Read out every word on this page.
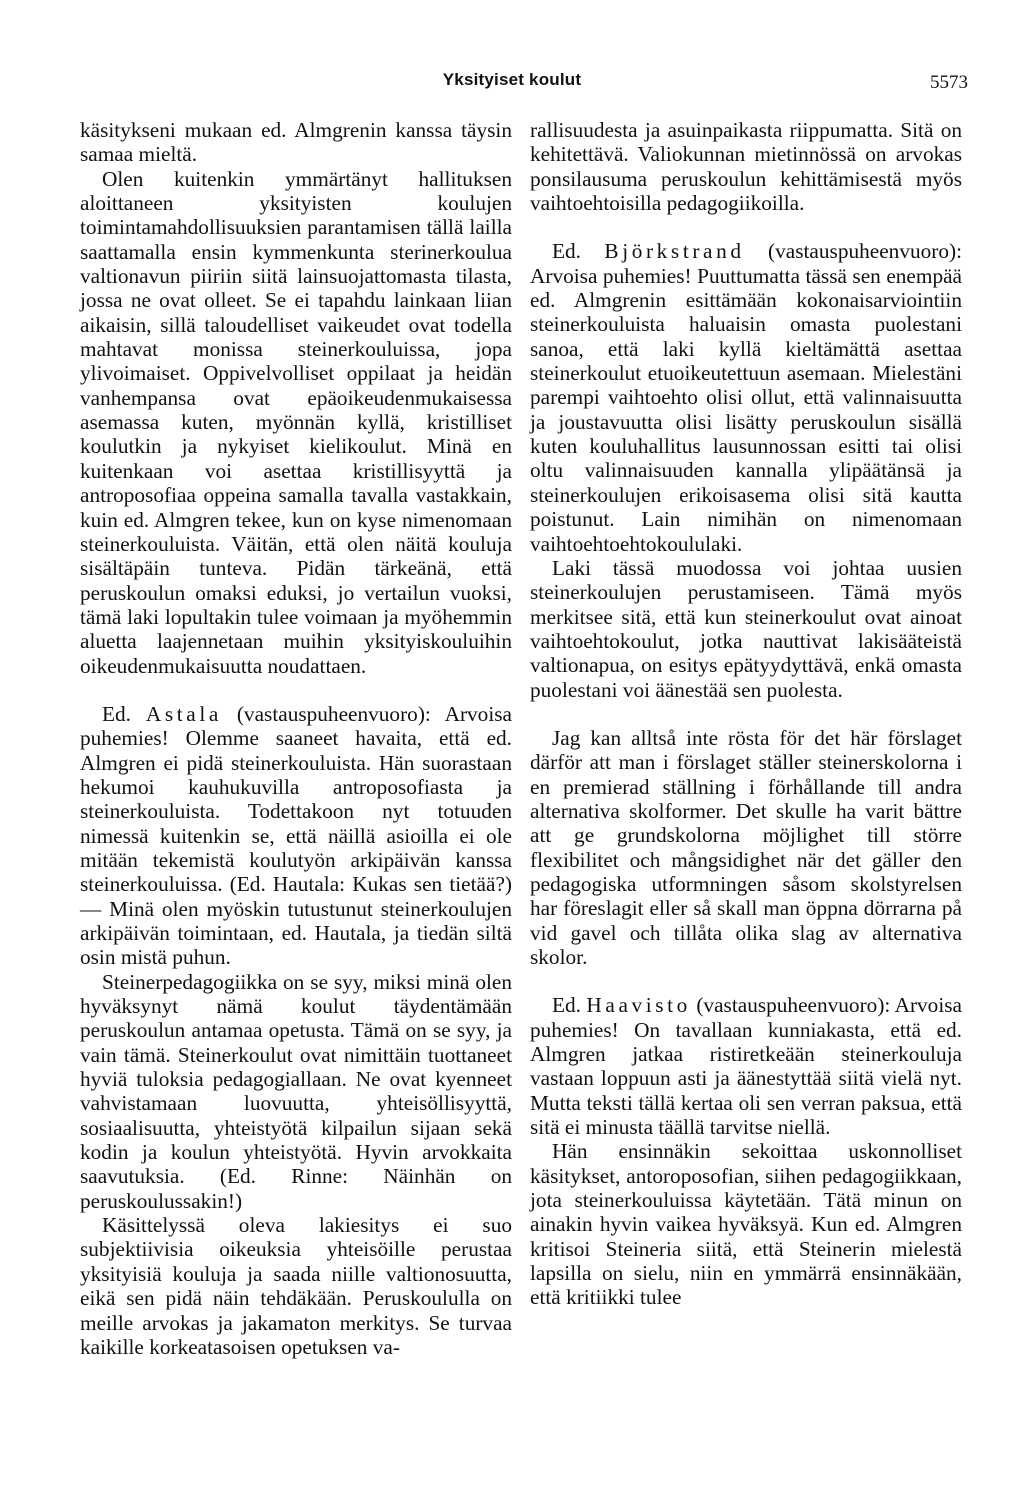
Yksityiset koulut	5573

käsitykseni mukaan ed. Almgrenin kanssa täysin samaa mieltä.

Olen kuitenkin ymmärtänyt hallituksen aloittaneen yksityisten koulujen toimintamahdollisuuksien parantamisen tällä lailla saattamalla ensin kymmenkunta sterinerkoulua valtionavun piiriin siitä lainsuojattomasta tilasta, jossa ne ovat olleet. Se ei tapahdu lainkaan liian aikaisin, sillä taloudelliset vaikeudet ovat todella mahtavat monissa steinerkouluissa, jopa ylivoimaiset. Oppivelvolliset oppilaat ja heidän vanhempansa ovat epäoikeudenmukaisessa asemassa kuten, myönnän kyllä, kristilliset koulutkin ja nykyiset kielikoulut. Minä en kuitenkaan voi asettaa kristillisyyttä ja antroposofiaa oppeina samalla tavalla vastakkain, kuin ed. Almgren tekee, kun on kyse nimenomaan steinerkouluista. Väitän, että olen näitä kouluja sisältäpäin tunteva. Pidän tärkeänä, että peruskoulun omaksi eduksi, jo vertailun vuoksi, tämä laki lopultakin tulee voimaan ja myöhemmin aluetta laajennetaan muihin yksityiskouluihin oikeudenmukaisuutta noudattaen.

Ed. Astala (vastauspuheenvuoro): Arvoisa puhemies! Olemme saaneet havaita, että ed. Almgren ei pidä steinerkouluista. Hän suorastaan hekumoi kauhukuvilla antroposofiasta ja steinerkouluista. Todettakoon nyt totuuden nimessä kuitenkin se, että näillä asioilla ei ole mitään tekemistä koulutyön arkipäivän kanssa steinerkouluissa. (Ed. Hautala: Kukas sen tietää?) — Minä olen myöskin tutustunut steinerkoulujen arkipäivän toimintaan, ed. Hautala, ja tiedän siltä osin mistä puhun.

Steinerpedagogiikka on se syy, miksi minä olen hyväksynyt nämä koulut täydentämään peruskoulun antamaa opetusta. Tämä on se syy, ja vain tämä. Steinerkoulut ovat nimittäin tuottaneet hyviä tuloksia pedagogiallaan. Ne ovat kyenneet vahvistamaan luovuutta, yhteisöllisyyttä, sosiaalisuutta, yhteistyötä kilpailun sijaan sekä kodin ja koulun yhteistyötä. Hyvin arvokkaita saavutuksia. (Ed. Rinne: Näinhän on peruskoulussakin!)

Käsittelyssä oleva lakiesitys ei suo subjektiivisia oikeuksia yhteisöille perustaa yksityisiä kouluja ja saada niille valtionosuutta, eikä sen pidä näin tehdäkään. Peruskoululla on meille arvokas ja jakamaton merkitys. Se turvaa kaikille korkeatasoisen opetuksen va-

rallisuudesta ja asuinpaikasta riippumatta. Sitä on kehitettävä. Valiokunnan mietinnössä on arvokas ponsilausuma peruskoulun kehittämisestä myös vaihtoehtoisilla pedagogiikoilla.

Ed. Björkstrand (vastauspuheenvuoro): Arvoisa puhemies! Puuttumatta tässä sen enempää ed. Almgrenin esittämään kokonaisarviointiin steinerkouluista haluaisin omasta puolestani sanoa, että laki kyllä kieltämättä asettaa steinerkoulut etuoikeutettuun asemaan. Mielestäni parempi vaihtoehto olisi ollut, että valinnaisuutta ja joustavuutta olisi lisätty peruskoulun sisällä kuten kouluhallitus lausunnossan esitti tai olisi oltu valinnaisuuden kannalla ylipäätänsä ja steinerkoulujen erikoisasema olisi sitä kautta poistunut. Lain nimihän on nimenomaan vaihtoehtoehtokoululaki.

Laki tässä muodossa voi johtaa uusien steinerkoulujen perustamiseen. Tämä myös merkitsee sitä, että kun steinerkoulut ovat ainoat vaihtoehtokoulut, jotka nauttivat lakisääteistä valtionapua, on esitys epätyydyttävä, enkä omasta puolestani voi äänestää sen puolesta.

Jag kan alltså inte rösta för det här förslaget därför att man i förslaget ställer steinerskolorna i en premierad ställning i förhållande till andra alternativa skolformer. Det skulle ha varit bättre att ge grundskolorna möjlighet till större flexibilitet och mångsidighet när det gäller den pedagogiska utformningen såsom skolstyrelsen har föreslagit eller så skall man öppna dörrarna på vid gavel och tillåta olika slag av alternativa skolor.

Ed. Haavisto (vastauspuheenvuoro): Arvoisa puhemies! On tavallaan kunniakasta, että ed. Almgren jatkaa ristiretkeään steinerkouluja vastaan loppuun asti ja äänestyttää siitä vielä nyt. Mutta teksti tällä kertaa oli sen verran paksua, että sitä ei minusta täällä tarvitse niellä.

Hän ensinnäkin sekoittaa uskonnolliset käsitykset, antoroposofian, siihen pedagogiikkaan, jota steinerkouluissa käytetään. Tätä minun on ainakin hyvin vaikea hyväksyä. Kun ed. Almgren kritisoi Steineria siitä, että Steinerin mielestä lapsilla on sielu, niin en ymmärrä ensinnäkään, että kritiikki tulee
